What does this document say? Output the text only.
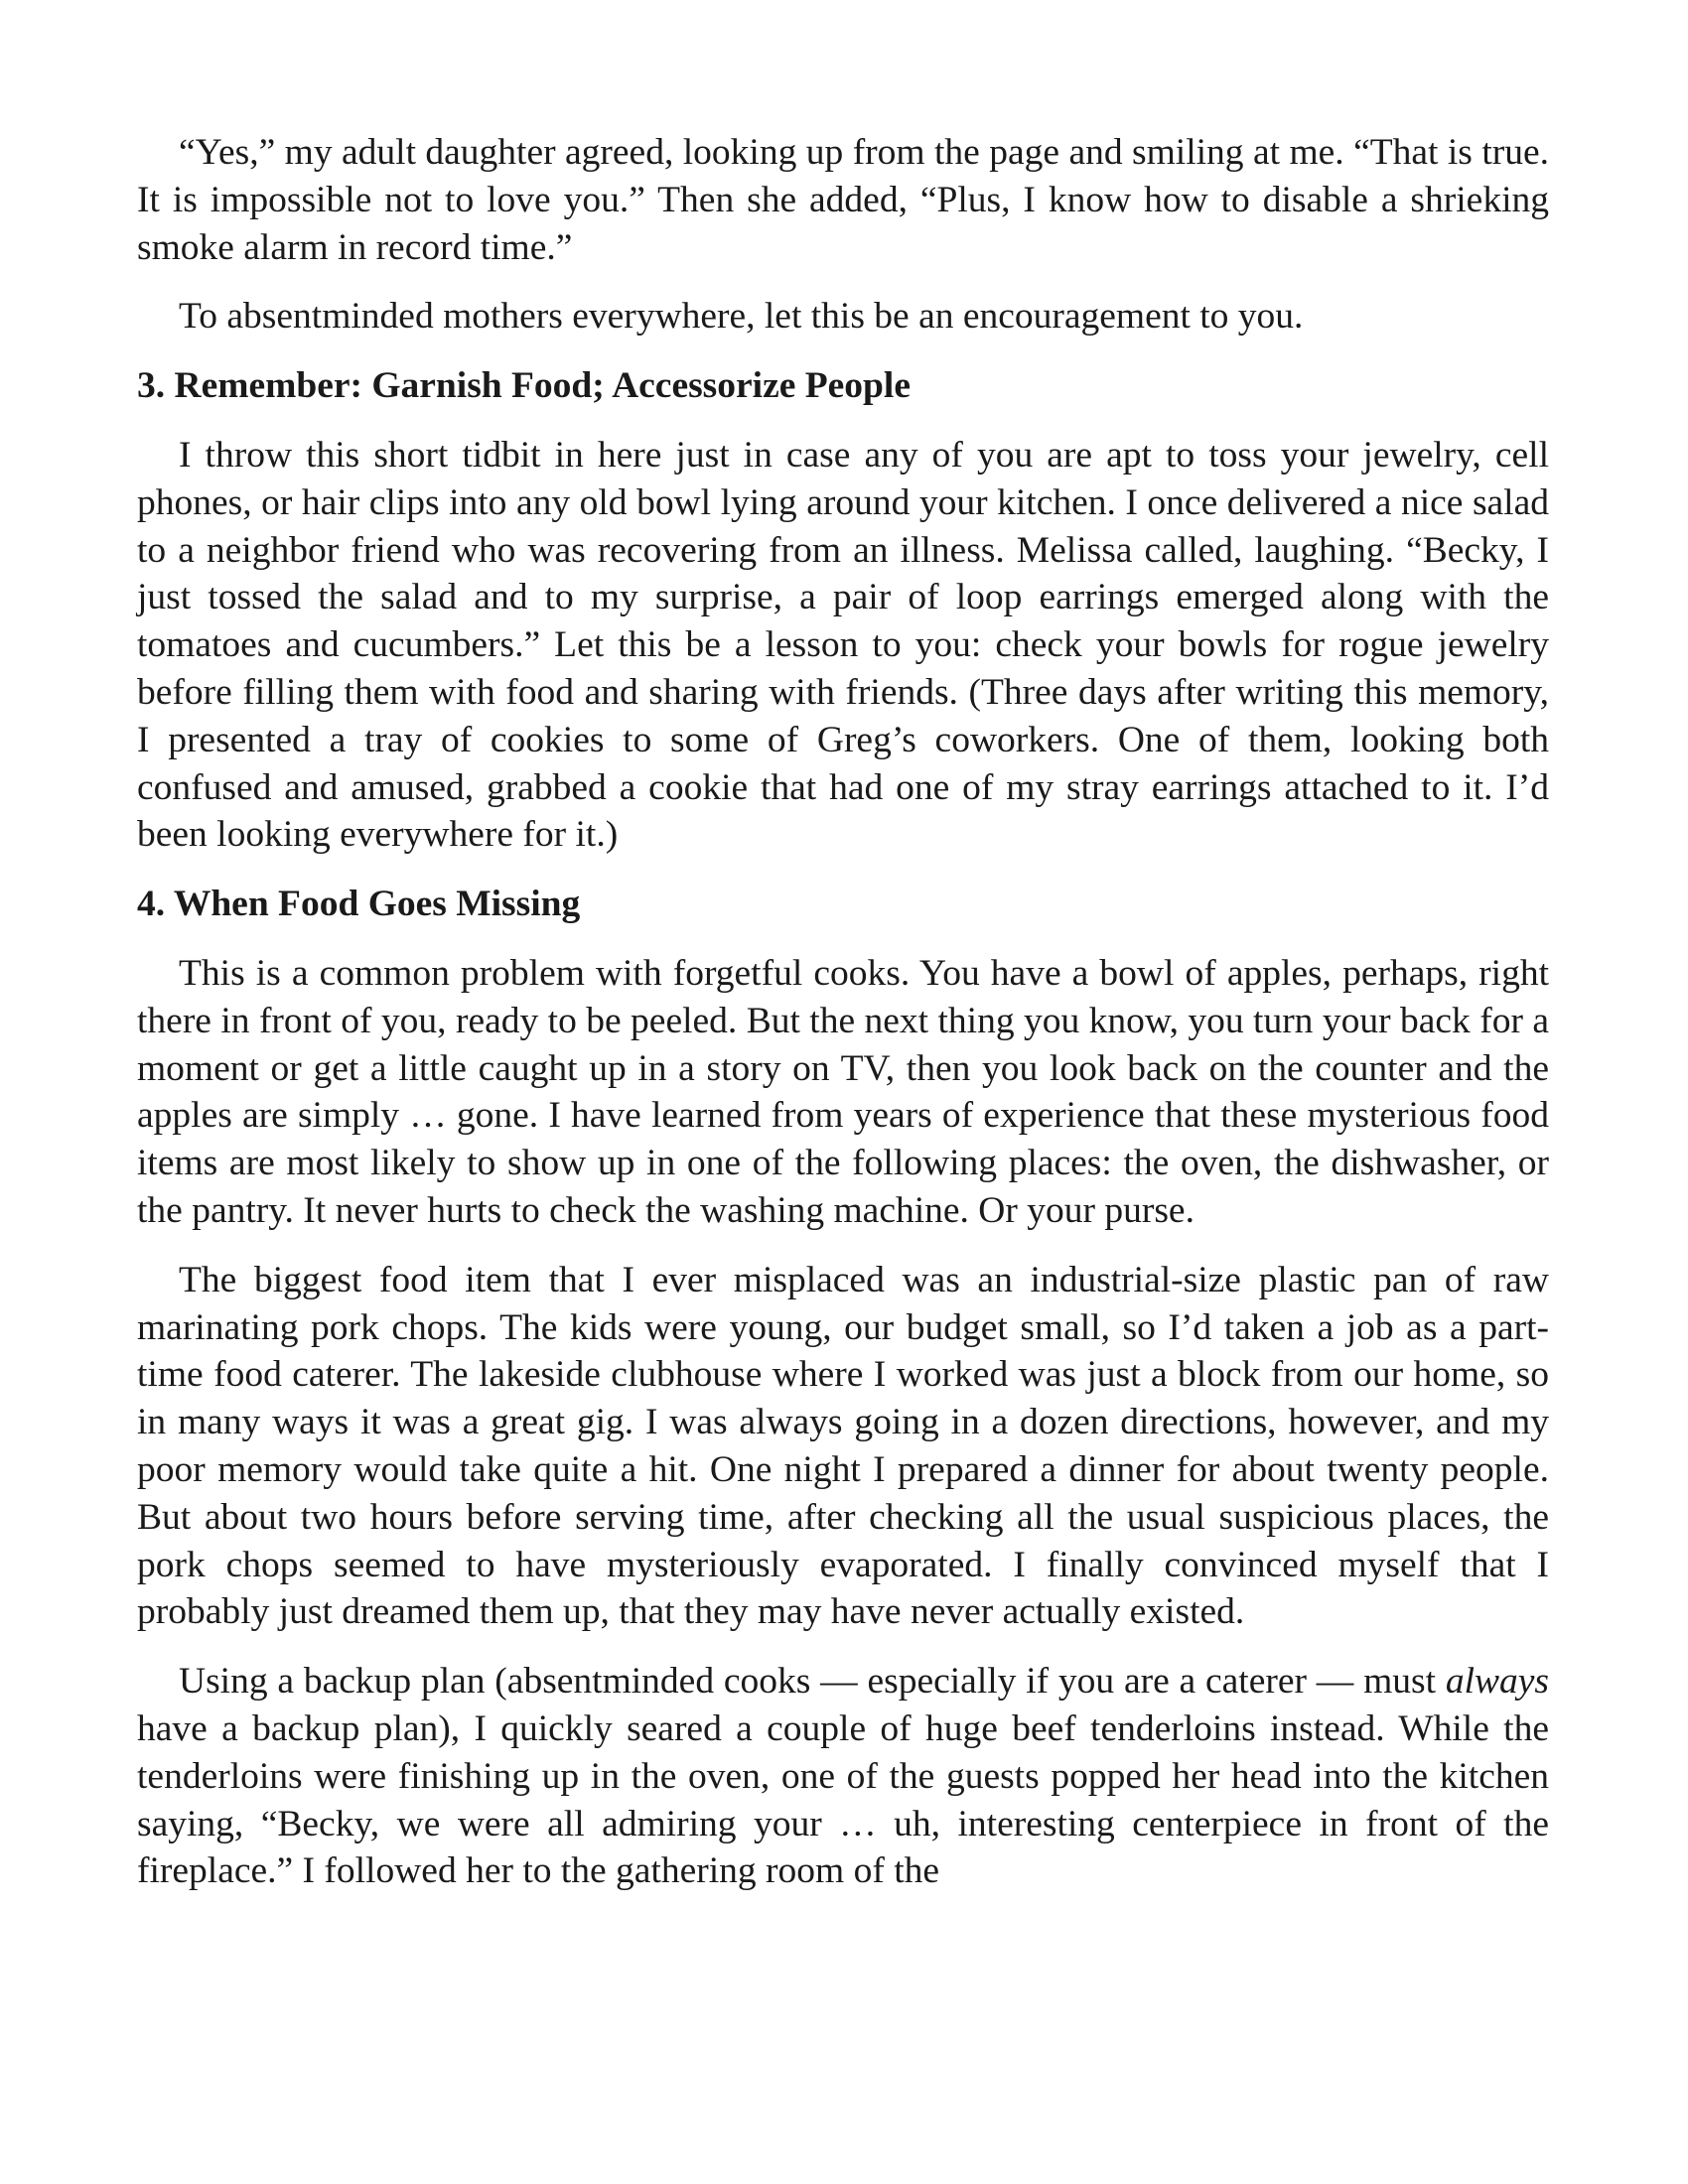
“Yes,” my adult daughter agreed, looking up from the page and smiling at me. “That is true. It is impossible not to love you.” Then she added, “Plus, I know how to disable a shrieking smoke alarm in record time.”

To absentminded mothers everywhere, let this be an encouragement to you.

3. Remember: Garnish Food; Accessorize People

I throw this short tidbit in here just in case any of you are apt to toss your jewelry, cell phones, or hair clips into any old bowl lying around your kitchen. I once delivered a nice salad to a neighbor friend who was recovering from an illness. Melissa called, laughing. “Becky, I just tossed the salad and to my surprise, a pair of loop earrings emerged along with the tomatoes and cucumbers.” Let this be a lesson to you: check your bowls for rogue jewelry before filling them with food and sharing with friends. (Three days after writing this memory, I presented a tray of cookies to some of Greg’s coworkers. One of them, looking both confused and amused, grabbed a cookie that had one of my stray earrings attached to it. I’d been looking everywhere for it.)

4. When Food Goes Missing

This is a common problem with forgetful cooks. You have a bowl of apples, perhaps, right there in front of you, ready to be peeled. But the next thing you know, you turn your back for a moment or get a little caught up in a story on TV, then you look back on the counter and the apples are simply … gone. I have learned from years of experience that these mysterious food items are most likely to show up in one of the following places: the oven, the dishwasher, or the pantry. It never hurts to check the washing machine. Or your purse.

The biggest food item that I ever misplaced was an industrial-size plastic pan of raw marinating pork chops. The kids were young, our budget small, so I’d taken a job as a part-time food caterer. The lakeside clubhouse where I worked was just a block from our home, so in many ways it was a great gig. I was always going in a dozen directions, however, and my poor memory would take quite a hit. One night I prepared a dinner for about twenty people. But about two hours before serving time, after checking all the usual suspicious places, the pork chops seemed to have mysteriously evaporated. I finally convinced myself that I probably just dreamed them up, that they may have never actually existed.

Using a backup plan (absentminded cooks — especially if you are a caterer — must always have a backup plan), I quickly seared a couple of huge beef tenderloins instead. While the tenderloins were finishing up in the oven, one of the guests popped her head into the kitchen saying, “Becky, we were all admiring your … uh, interesting centerpiece in front of the fireplace.” I followed her to the gathering room of the
